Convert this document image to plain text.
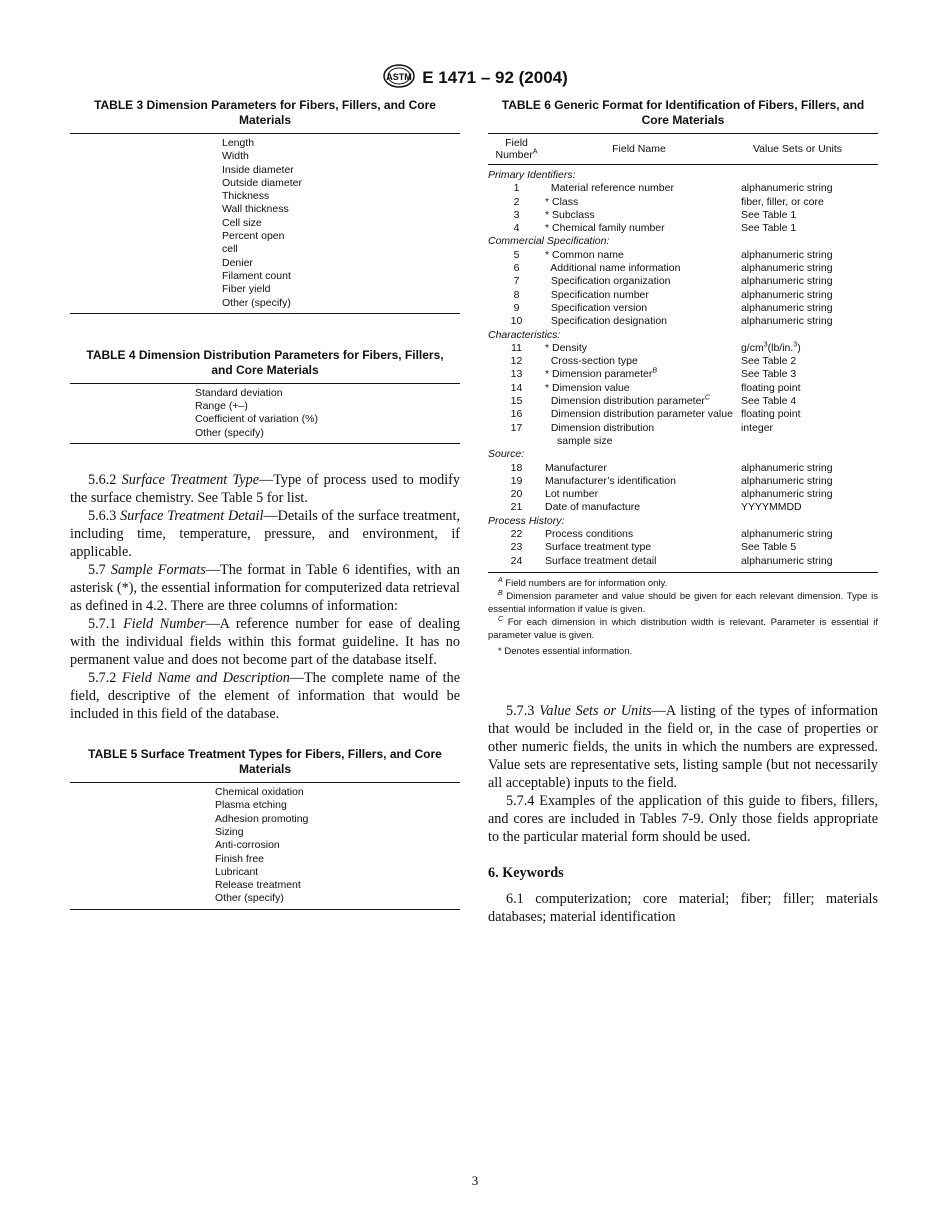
ASTM E 1471 – 92 (2004)
TABLE 3 Dimension Parameters for Fibers, Fillers, and Core Materials
Length
Width
Inside diameter
Outside diameter
Thickness
Wall thickness
Cell size
Percent open
cell
Denier
Filament count
Fiber yield
Other (specify)
TABLE 4 Dimension Distribution Parameters for Fibers, Fillers, and Core Materials
Standard deviation
Range (+–)
Coefficient of variation (%)
Other (specify)

5.6.2 Surface Treatment Type—Type of process used to modify the surface chemistry. See Table 5 for list.

5.6.3 Surface Treatment Detail—Details of the surface treatment, including time, temperature, pressure, and environment, if applicable.

5.7 Sample Formats—The format in Table 6 identifies, with an asterisk (*), the essential information for computerized data retrieval as defined in 4.2. There are three columns of information:

5.7.1 Field Number—A reference number for ease of dealing with the individual fields within this format guideline. It has no permanent value and does not become part of the database itself.

5.7.2 Field Name and Description—The complete name of the field, descriptive of the element of information that would be included in this field of the database.

TABLE 5 Surface Treatment Types for Fibers, Fillers, and Core Materials
Chemical oxidation
Plasma etching
Adhesion promoting
Sizing
Anti-corrosion
Finish free
Lubricant
Release treatment
Other (specify)
TABLE 6 Generic Format for Identification of Fibers, Fillers, and Core Materials
Field Number$^A$	Field Name	Value Sets or Units

Primary Identifiers:		
1	Material reference number	alphanumeric string
2	* Class	fiber, filler, or core
3	* Subclass	See Table 1
4	* Chemical family number	See Table 1
Commercial Specification:		
5	* Common name	alphanumeric string
6	Additional name information	alphanumeric string
7	Specification organization	alphanumeric string
8	Specification number	alphanumeric string
9	Specification version	alphanumeric string
10	Specification designation	alphanumeric string
Characteristics:		
11	* Density	$g/cm^3(lb/in.^3)$
12	Cross-section type	See Table 2
13	* Dimension parameter$^B$	See Table 3
14	* Dimension value	floating point
15	Dimension distribution parameter$^C$	See Table 4
16	Dimension distribution parameter value	floating point
17	Dimension distribution
sample size	integer
Source:		
18	Manufacturer	alphanumeric string
19	Manufacturer’s identification	alphanumeric string
20	Lot number	alphanumeric string
21	Date of manufacture	YYYYMMDD
Process History:		
22	Process conditions	alphanumeric string
23	Surface treatment type	See Table 5
24	Surface treatment detail	alphanumeric string

$^A$ Field numbers are for information only.
$^B$ Dimension parameter and value should be given for each relevant dimension. Type is essential information if value is given.
$^C$ For each dimension in which distribution width is relevant. Parameter is essential if parameter value is given.
* Denotes essential information.

5.7.3 Value Sets or Units—A listing of the types of information that would be included in the field or, in the case of properties or other numeric fields, the units in which the numbers are expressed. Value sets are representative sets, listing sample (but not necessarily all acceptable) inputs to the field.

5.7.4 Examples of the application of this guide to fibers, fillers, and cores are included in Tables 7-9. Only those fields appropriate to the particular material form should be used.

6. Keywords

6.1 computerization; core material; fiber; filler; materials databases; material identification

3
